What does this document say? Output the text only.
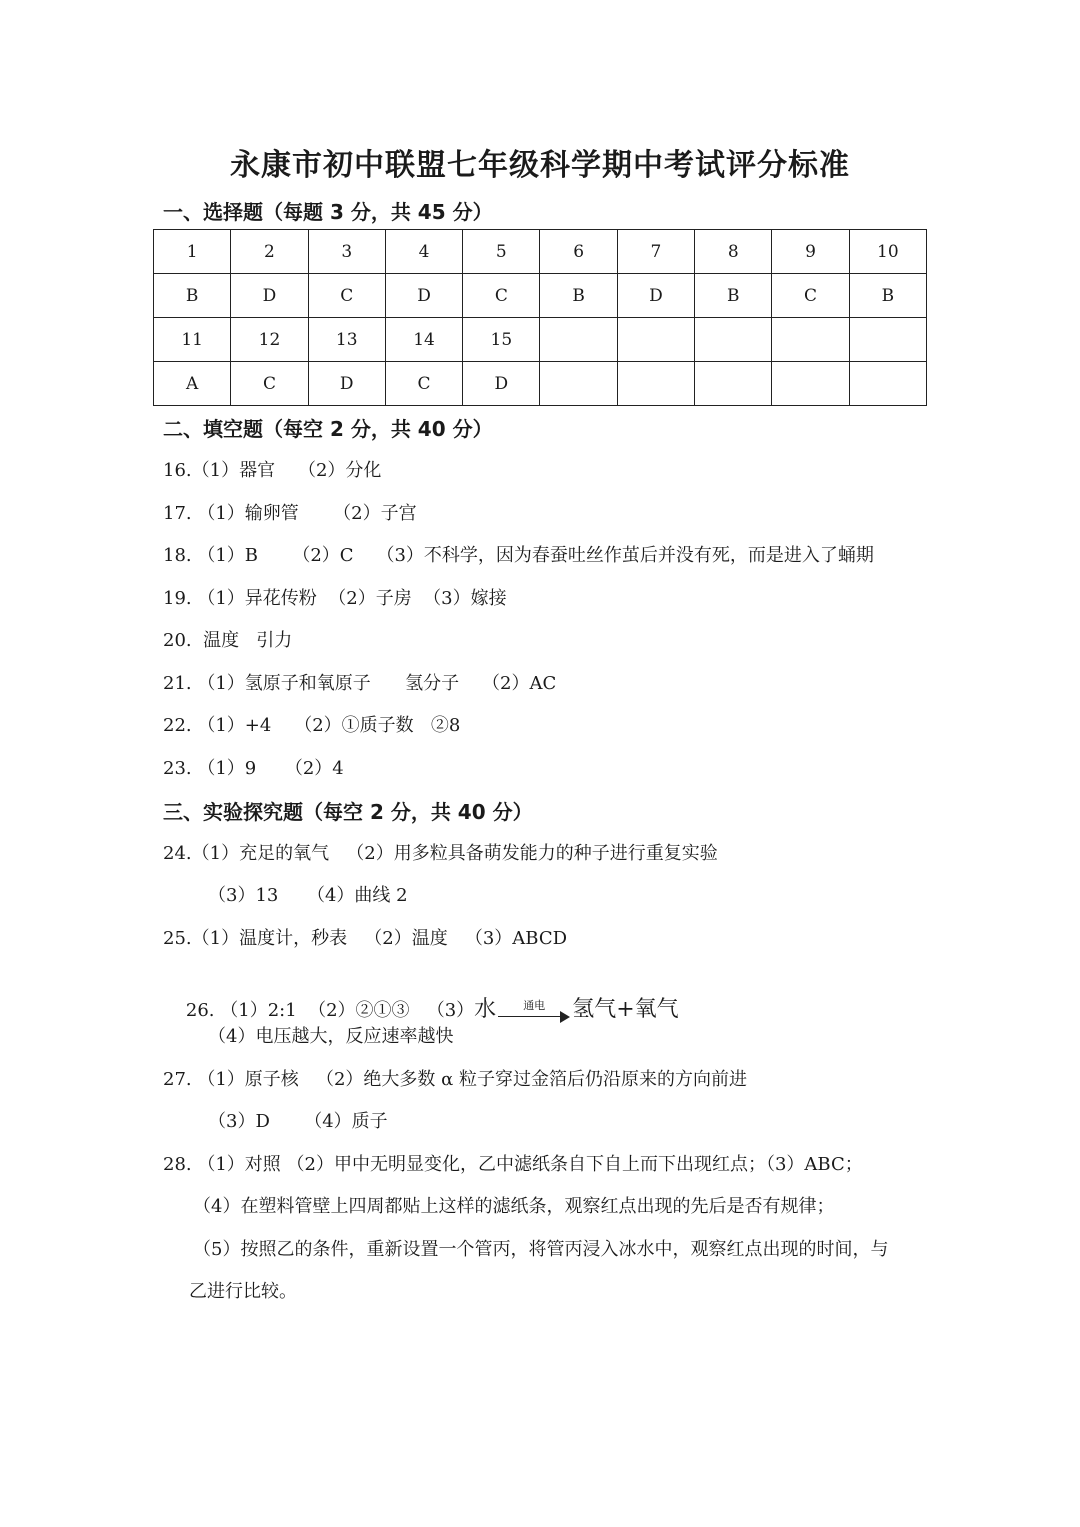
永康市初中联盟七年级科学期中考试评分标准
一、选择题（每题 3 分，共 45 分）
1	2	3	4	5	6	7	8	9	10
B	D	C	D	C	B	D	B	C	B
11	12	13	14	15					
A	C	D	C	D					
二、填空题（每空 2 分，共 40 分）
16.（1）器官    （2）分化
17. （1）输卵管      （2）子宫
18. （1）B      （2）C    （3）不科学，因为春蚕吐丝作茧后并没有死，而是进入了蛹期
19. （1）异花传粉  （2）子房  （3）嫁接
20.  温度   引力
21. （1）氢原子和氧原子      氢分子    （2）AC
22. （1）+4    （2）①质子数   ②8
23. （1）9     （2）4
三、实验探究题（每空 2 分，共 40 分）
24.（1）充足的氧气   （2）用多粒具备萌发能力的种子进行重复实验
（3）13     （4）曲线 2
25.（1）温度计，秒表   （2）温度   （3）ABCD

26. （1）2:1  （2）②①③   （3） 水	通电	氢气+氧气

（4）电压越大，反应速率越快
27. （1）原子核   （2）绝大多数 α 粒子穿过金箔后仍沿原来的方向前进
（3）D      （4）质子
28. （1）对照 （2）甲中无明显变化，乙中滤纸条自下自上而下出现红点；（3）ABC；
（4）在塑料管壁上四周都贴上这样的滤纸条，观察红点出现的先后是否有规律；
（5）按照乙的条件，重新设置一个管丙，将管丙浸入冰水中，观察红点出现的时间，与
乙进行比较。
